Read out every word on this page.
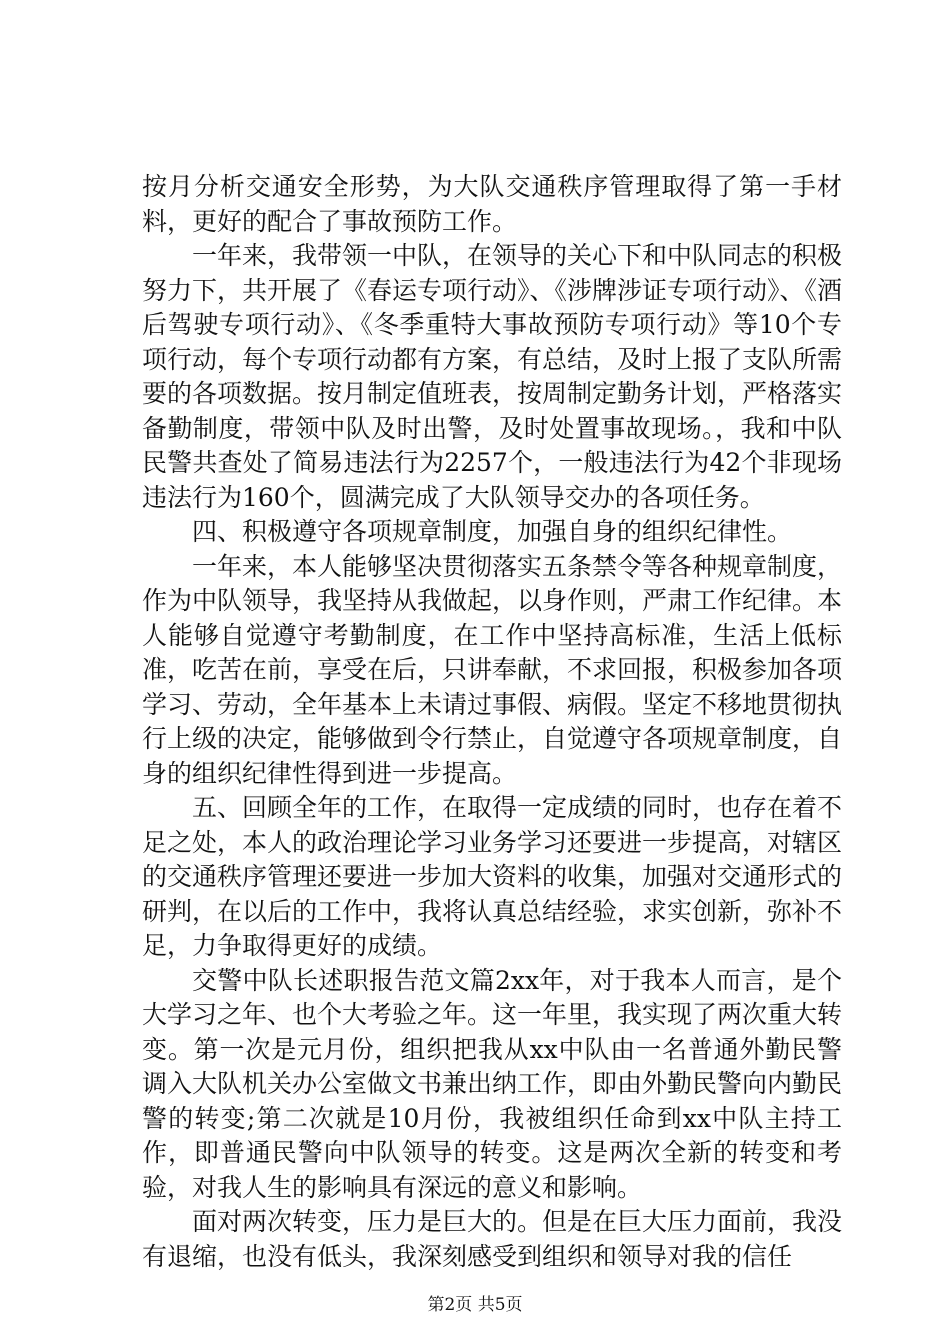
按月分析交通安全形势，为大队交通秩序管理取得了第一手材料，更好的配合了事故预防工作。

一年来，我带领一中队，在领导的关心下和中队同志的积极努力下，共开展了《春运专项行动》、《涉牌涉证专项行动》、《酒后驾驶专项行动》、《冬季重特大事故预防专项行动》等10个专项行动，每个专项行动都有方案，有总结，及时上报了支队所需要的各项数据。按月制定值班表，按周制定勤务计划，严格落实备勤制度，带领中队及时出警，及时处置事故现场。，我和中队民警共查处了简易违法行为2257个，一般违法行为42个非现场违法行为160个，圆满完成了大队领导交办的各项任务。

四、积极遵守各项规章制度，加强自身的组织纪律性。

一年来，本人能够坚决贯彻落实五条禁令等各种规章制度，作为中队领导，我坚持从我做起，以身作则，严肃工作纪律。本人能够自觉遵守考勤制度，在工作中坚持高标准，生活上低标准，吃苦在前，享受在后，只讲奉献，不求回报，积极参加各项学习、劳动，全年基本上未请过事假、病假。坚定不移地贯彻执行上级的决定，能够做到令行禁止，自觉遵守各项规章制度，自身的组织纪律性得到进一步提高。

五、回顾全年的工作，在取得一定成绩的同时，也存在着不足之处，本人的政治理论学习业务学习还要进一步提高，对辖区的交通秩序管理还要进一步加大资料的收集，加强对交通形式的研判，在以后的工作中，我将认真总结经验，求实创新，弥补不足，力争取得更好的成绩。

交警中队长述职报告范文篇2xx年，对于我本人而言，是个大学习之年、也个大考验之年。这一年里，我实现了两次重大转变。第一次是元月份，组织把我从xx中队由一名普通外勤民警调入大队机关办公室做文书兼出纳工作，即由外勤民警向内勤民警的转变;第二次就是10月份，我被组织任命到xx中队主持工作，即普通民警向中队领导的转变。这是两次全新的转变和考验，对我人生的影响具有深远的意义和影响。

面对两次转变，压力是巨大的。但是在巨大压力面前，我没有退缩，也没有低头，我深刻感受到组织和领导对我的信任

第2页 共5页
